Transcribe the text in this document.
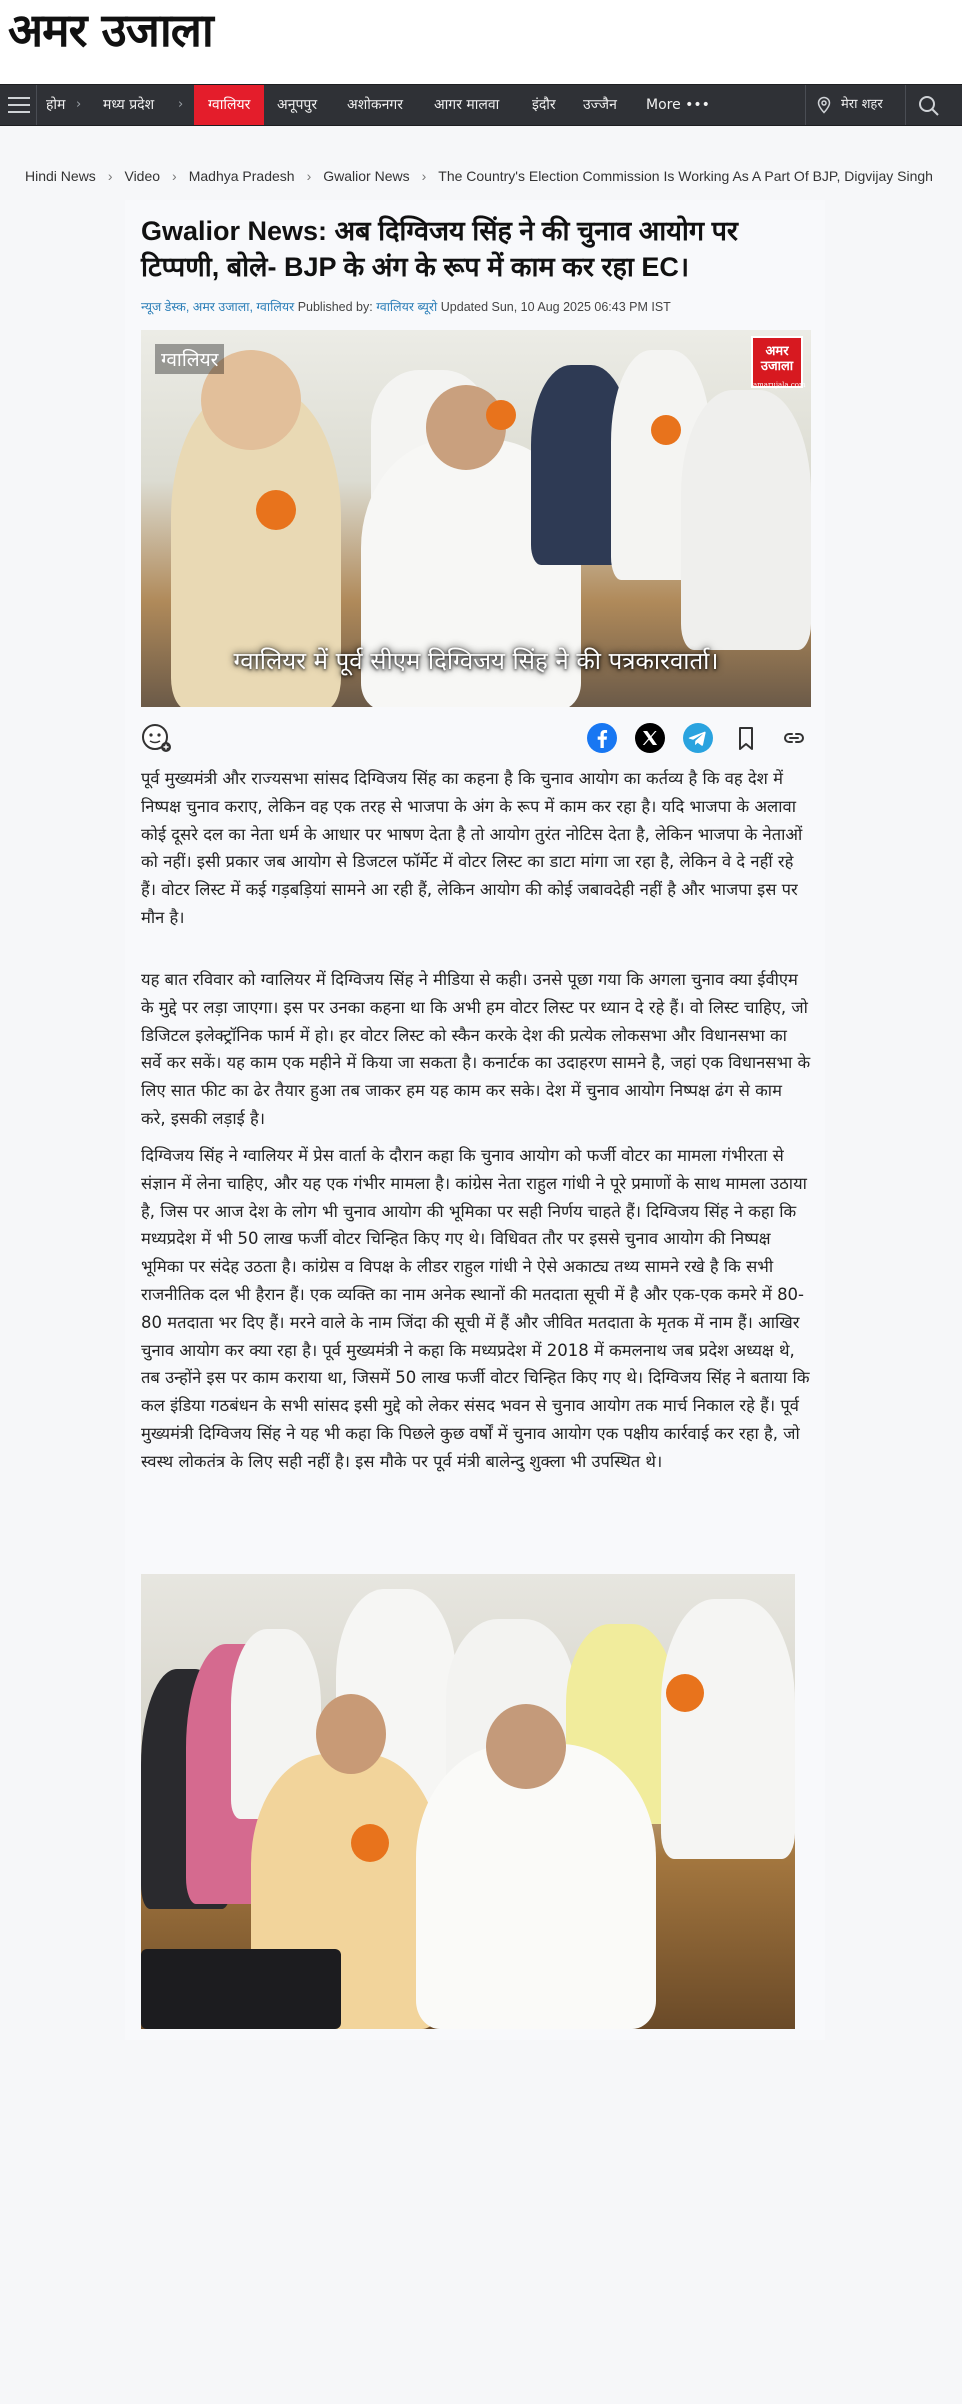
अमर उजाला
होम › मध्य प्रदेश ›	ग्वालियर	अनूपपुर अशोकनगर आगर मालवा इंदौर उज्जैन More •••	मेरा शहर
Hindi News › Video › Madhya Pradesh › Gwalior News › The Country's Election Commission Is Working As A Part Of BJP, Digvijay Singh
Gwalior News: अब दिग्विजय सिंह ने की चुनाव आयोग पर टिप्पणी, बोले- BJP के अंग के रूप में काम कर रहा EC।
न्यूज डेस्क, अमर उजाला, ग्वालियर Published by: ग्वालियर ब्यूरो Updated Sun, 10 Aug 2025 06:43 PM IST
ग्वालियर	अमर उजाला
amarujala.com
ग्वालियर में पूर्व सीएम दिग्विजय सिंह ने की पत्रकारवार्ता।

पूर्व मुख्यमंत्री और राज्यसभा सांसद दिग्विजय सिंह का कहना है कि चुनाव आयोग का कर्तव्य है कि वह देश में निष्पक्ष चुनाव कराए, लेकिन वह एक तरह से भाजपा के अंग के रूप में काम कर रहा है। यदि भाजपा के अलावा कोई दूसरे दल का नेता धर्म के आधार पर भाषण देता है तो आयोग तुरंत नोटिस देता है, लेकिन भाजपा के नेताओं को नहीं। इसी प्रकार जब आयोग से डिजटल फॉर्मेट में वोटर लिस्ट का डाटा मांगा जा रहा है, लेकिन वे दे नहीं रहे हैं। वोटर लिस्ट में कई गड़बड़ियां सामने आ रही हैं, लेकिन आयोग की कोई जबावदेही नहीं है और भाजपा इस पर मौन है।

यह बात रविवार को ग्वालियर में दिग्विजय सिंह ने मीडिया से कही। उनसे पूछा गया कि अगला चुनाव क्या ईवीएम के मुद्दे पर लड़ा जाएगा। इस पर उनका कहना था कि अभी हम वोटर लिस्ट पर ध्यान दे रहे हैं। वो लिस्ट चाहिए, जो डिजिटल इलेक्ट्रॉनिक फार्म में हो। हर वोटर लिस्ट को स्कैन करके देश की प्रत्येक लोकसभा और विधानसभा का सर्वे कर सकें। यह काम एक महीने में किया जा सकता है। कनार्टक का उदाहरण सामने है, जहां एक विधानसभा के लिए सात फीट का ढेर तैयार हुआ तब जाकर हम यह काम कर सके। देश में चुनाव आयोग निष्पक्ष ढंग से काम करे, इसकी लड़ाई है।

दिग्विजय सिंह ने ग्वालियर में प्रेस वार्ता के दौरान कहा कि चुनाव आयोग को फर्जी वोटर का मामला गंभीरता से संज्ञान में लेना चाहिए, और यह एक गंभीर मामला है। कांग्रेस नेता राहुल गांधी ने पूरे प्रमाणों के साथ मामला उठाया है, जिस पर आज देश के लोग भी चुनाव आयोग की भूमिका पर सही निर्णय चाहते हैं। दिग्विजय सिंह ने कहा कि मध्यप्रदेश में भी 50 लाख फर्जी वोटर चिन्हित किए गए थे। विधिवत तौर पर इससे चुनाव आयोग की निष्पक्ष भूमिका पर संदेह उठता है। कांग्रेस व विपक्ष के लीडर राहुल गांधी ने ऐसे अकाट्य तथ्य सामने रखे है कि सभी राजनीतिक दल भी हैरान हैं। एक व्यक्ति का नाम अनेक स्थानों की मतदाता सूची में है और एक-एक कमरे में 80-80 मतदाता भर दिए हैं। मरने वाले के नाम जिंदा की सूची में हैं और जीवित मतदाता के मृतक में नाम हैं। आखिर चुनाव आयोग कर क्या रहा है। पूर्व मुख्यमंत्री ने कहा कि मध्यप्रदेश में 2018 में कमलनाथ जब प्रदेश अध्यक्ष थे, तब उन्होंने इस पर काम कराया था, जिसमें 50 लाख फर्जी वोटर चिन्हित किए गए थे। दिग्विजय सिंह ने बताया कि कल इंडिया गठबंधन के सभी सांसद इसी मुद्दे को लेकर संसद भवन से चुनाव आयोग तक मार्च निकाल रहे हैं। पूर्व मुख्यमंत्री दिग्विजय सिंह ने यह भी कहा कि पिछले कुछ वर्षों में चुनाव आयोग एक पक्षीय कार्रवाई कर रहा है, जो स्वस्थ लोकतंत्र के लिए सही नहीं है। इस मौके पर पूर्व मंत्री बालेन्दु शुक्ला भी उपस्थित थे।
